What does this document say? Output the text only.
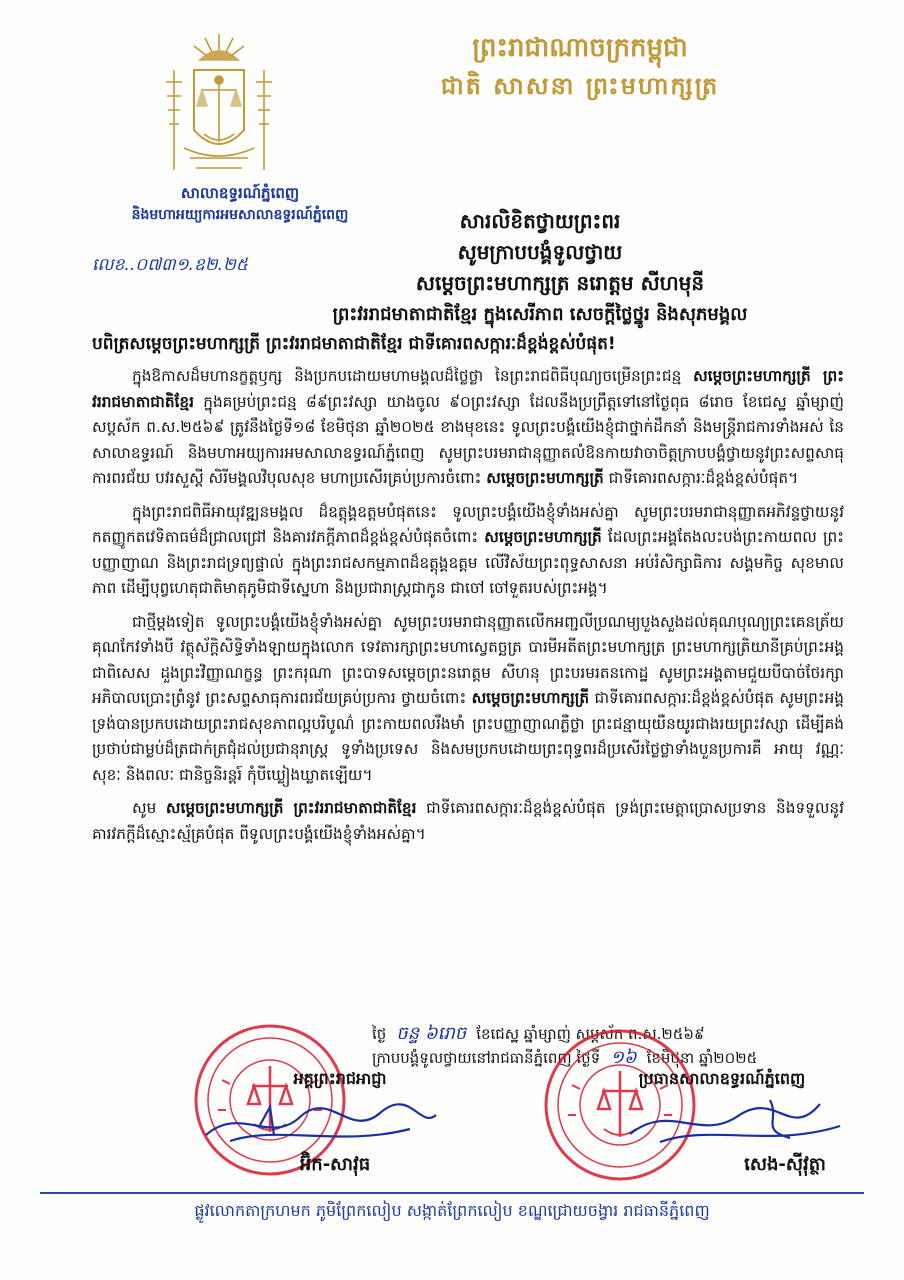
ព្រះរាជាណាចក្រកម្ពុជា
ជាតិ សាសនា ព្រះមហាក្សត្រ
សាលាឧទ្ធរណ៍ភ្នំពេញ
និងមហាអយ្យការអមសាលាឧទ្ធរណ៍ភ្នំពេញ
លេខ..០៧៣១.ឧ២.២៥
សារលិខិតថ្វាយព្រះពរ
សូមក្រាបបង្គំទូលថ្វាយ
សម្តេចព្រះមហាក្សត្រ នរោត្តម សីហមុនី
ព្រះវររាជមាតាជាតិខ្មែរ ក្នុងសេរីភាព សេចក្តីថ្លៃថ្នូរ និងសុភមង្គល
បពិត្រសម្តេចព្រះមហាក្សត្រី ព្រះវររាជមាតាជាតិខ្មែរ ជាទីគោរពសក្ការៈដ៏ខ្ពង់ខ្ពស់បំផុត!

ក្នុងឱកាសដ៏មហានក្ខត្តឫក្ស និងប្រកបដោយមហាមង្គលដ៏ថ្លៃថ្លា នៃព្រះរាជពិធីបុណ្យចម្រើនព្រះជន្ម សម្តេចព្រះមហាក្សត្រី ព្រះវររាជមាតាជាតិខ្មែរ ក្នុងគម្រប់ព្រះជន្ម ៨៩ព្រះវស្សា យាងចូល ៩០ព្រះវស្សា ដែលនឹងប្រព្រឹត្តទៅនៅថ្ងៃពុធ ៨រោច ខែជេស្ឋ ឆ្នាំម្សាញ់ សប្តស័ក ព.ស.២៥៦៩ ត្រូវនឹងថ្ងៃទី១៨ ខែមិថុនា ឆ្នាំ២០២៥ ខាងមុខនេះ ទូលព្រះបង្គំយើងខ្ញុំជាថ្នាក់ដឹកនាំ និងមន្ត្រីរាជការទាំងអស់ នៃសាលាឧទ្ធរណ៍ និងមហាអយ្យការអមសាលាឧទ្ធរណ៍ភ្នំពេញ សូមព្រះបរមរាជានុញ្ញាតលំឱនកាយវាចាចិត្តក្រាបបង្គំថ្វាយនូវព្រះសព្ទសាធុការពរជ័យ បវរសួស្តី សិរីមង្គលវិបុលសុខ មហាប្រសើរគ្រប់ប្រការចំពោះ សម្តេចព្រះមហាក្សត្រី ជាទីគោរពសក្ការៈដ៏ខ្ពង់ខ្ពស់បំផុត។

ក្នុងព្រះរាជពិធីអាយុវឌ្ឍនមង្គល ដ៏ឧត្តុង្គឧត្តមបំផុតនេះ ទូលព្រះបង្គំយើងខ្ញុំទាំងអស់គ្នា សូមព្រះបរមរាជានុញ្ញាតអភិវន្ទថ្វាយនូវកតញ្ញូកតវេទិតាធម៌ដ៏ជ្រាលជ្រៅ និងគារវភក្តីភាពដ៏ខ្ពង់ខ្ពស់បំផុតចំពោះ សម្តេចព្រះមហាក្សត្រី ដែលព្រះអង្គតែងលះបង់ព្រះកាយពល ព្រះបញ្ញាញាណ និងព្រះរាជទ្រព្យផ្ទាល់ ក្នុងព្រះរាជសកម្មភាពដ៏ឧត្តុង្គឧត្តម លើវិស័យព្រះពុទ្ធសាសនា អប់រំសិក្សាធិការ សង្គមកិច្ច សុខមាលភាព ដើម្បីបុព្វហេតុជាតិមាតុភូមិជាទីស្នេហា និងប្រជារាស្ត្រជាកូន ជាចៅ ចៅទួតរបស់ព្រះអង្គ។

ជាថ្មីម្តងទៀត ទូលព្រះបង្គំយើងខ្ញុំទាំងអស់គ្នា សូមព្រះបរមរាជានុញ្ញាតលើកអញ្ជលីប្រណម្យបួងសួងដល់គុណបុណ្យព្រះគេនត្រ័យ គុណកែវទាំងបី វត្ថុស័ក្តិសិទ្ធិទាំងឡាយក្នុងលោក ទេវតារក្សាព្រះមហាស្វេតច្ឆត្រ បារមីអតីតព្រះមហាក្សត្រ ព្រះមហាក្សត្រិយានីគ្រប់ព្រះអង្គ ជាពិសេស ដួងព្រះវិញ្ញាណក្ខន្ធ ព្រះករុណា ព្រះបាទសម្តេចព្រះនរោត្តម សីហនុ ព្រះបរមរតនកោដ្ឋ សូមព្រះអង្គតាមជួយបីបាច់ថែរក្សា អភិបាលប្រោះព្រំនូវ ព្រះសព្ទសាធុការពរជ័យគ្រប់ប្រការ ថ្វាយចំពោះ សម្តេចព្រះមហាក្សត្រី ជាទីគោរពសក្ការៈដ៏ខ្ពង់ខ្ពស់បំផុត សូមព្រះអង្គទ្រង់បានប្រកបដោយព្រះរាជសុខភាពល្អបរិបូណ៌ ព្រះកាយពលរឹងមាំ ព្រះបញ្ញាញាណភ្លឺថ្លា ព្រះជន្មាយុយឺនយូរជាងរយព្រះវស្សា ដើម្បីគង់ប្រថាប់ជាម្លប់ដ៏ត្រជាក់ត្រជុំដល់ប្រជានុរាស្ត្រ ទូទាំងប្រទេស និងសមប្រកបដោយព្រះពុទ្ធពរដ៏ប្រសើរថ្លៃថ្លាទាំងបួនប្រការគឺ អាយុ វណ្ណៈ សុខៈ និងពលៈ ជានិច្ចនិរន្តរ៍ កុំបីឃ្លៀងឃ្លាតឡើយ។

សូម សម្តេចព្រះមហាក្សត្រី ព្រះវររាជមាតាជាតិខ្មែរ ជាទីគោរពសក្ការៈដ៏ខ្ពង់ខ្ពស់បំផុត ទ្រង់ព្រះមេត្តាប្រោសប្រទាន និងទទួលនូវគារវភក្តីដ៏ស្មោះស្ម័គ្របំផុត ពីទូលព្រះបង្គំយើងខ្ញុំទាំងអស់គ្នា។

ថ្ងៃ ចន្ទ ៦រោច ខែជេស្ឋ ឆ្នាំម្សាញ់ សប្តស័ក ព.ស.២៥៦៩
ក្រាបបង្គំទូលថ្វាយនៅរាជធានីភ្នំពេញ ថ្ងៃទី ១៦ ខែមិថុនា ឆ្នាំ២០២៥
អគ្គព្រះរាជអាជ្ញា	ប្រធានសាលាឧទ្ធរណ៍ភ្នំពេញ
អ៊ិក-សាវុធ	សេង-ស៊ីវុត្ថា
ផ្លូវលោកតាក្រហមក ភូមិព្រែកលៀប សង្កាត់ព្រែកលៀប ខណ្ឌជ្រោយចង្វារ រាជធានីភ្នំពេញ
